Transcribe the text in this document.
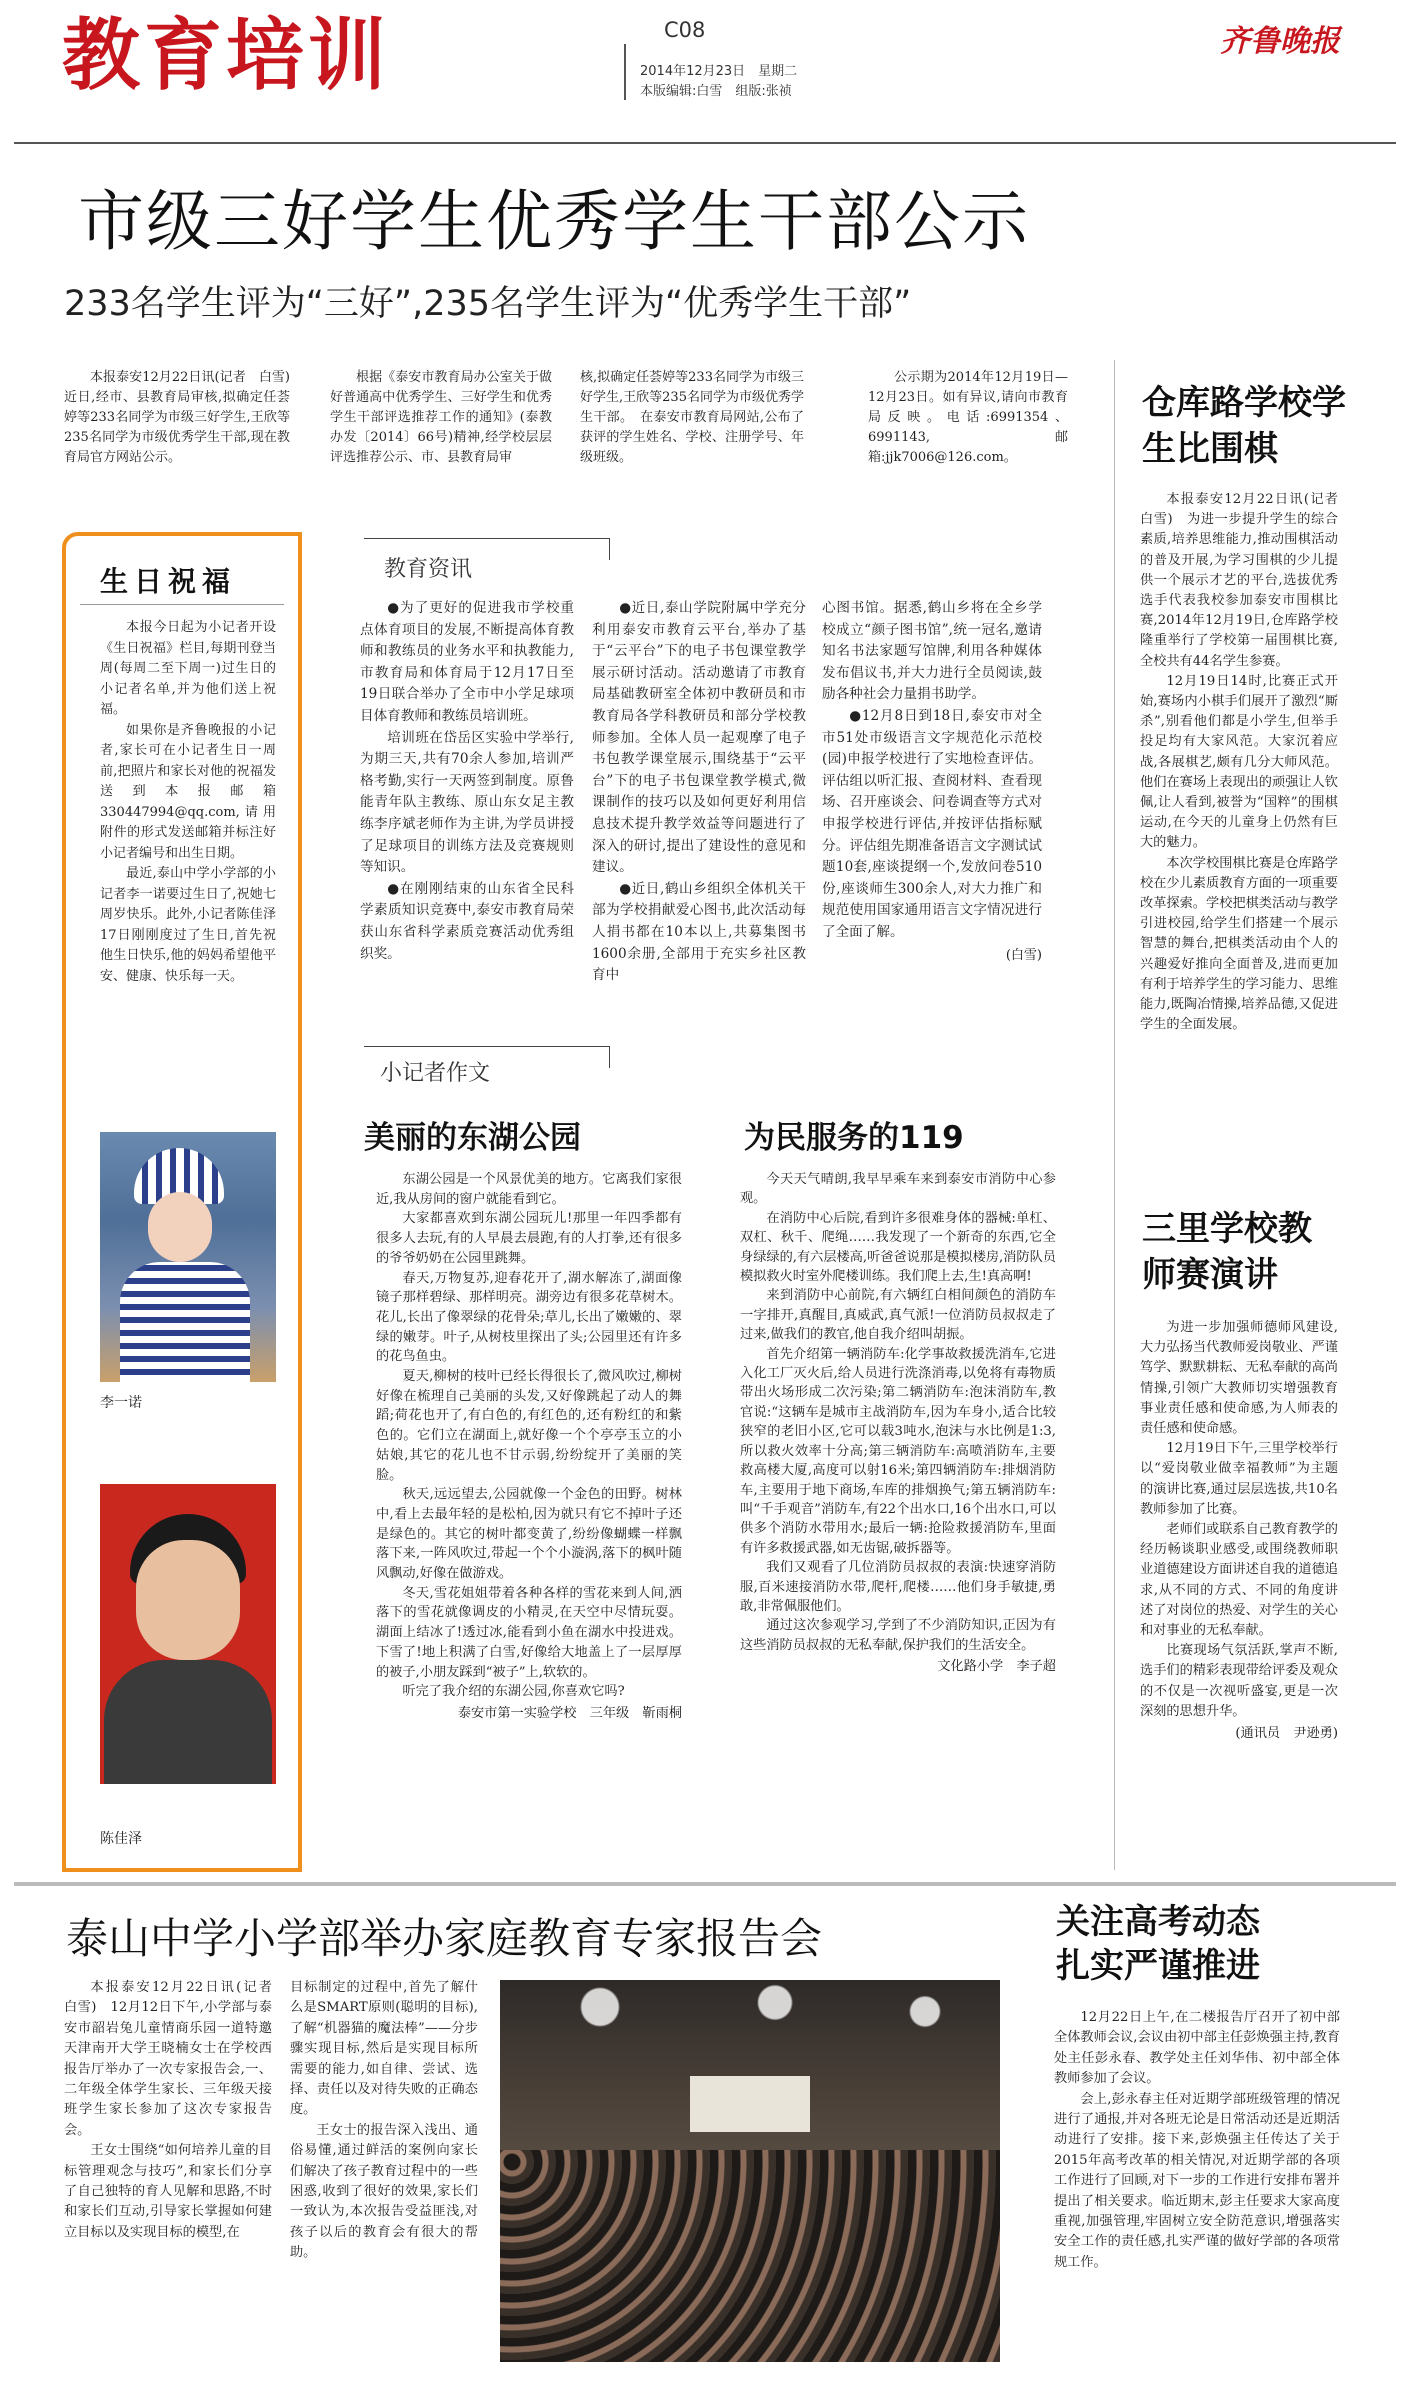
教育培训	C08
2014年12月23日　星期二
本版编辑:白雪　组版:张祯
齐鲁晚报
市级三好学生优秀学生干部公示
233名学生评为“三好”,235名学生评为“优秀学生干部”

本报泰安12月22日讯(记者　白雪)　近日,经市、县教育局审核,拟确定任荟婷等233名同学为市级三好学生,王欣等235名同学为市级优秀学生干部,现在教育局官方网站公示。

根据《泰安市教育局办公室关于做好普通高中优秀学生、三好学生和优秀学生干部评选推荐工作的通知》(泰教办发〔2014〕66号)精神,经学校层层评选推荐公示、市、县教育局审

核,拟确定任荟婷等233名同学为市级三好学生,王欣等235名同学为市级优秀学生干部。　在泰安市教育局网站,公布了获评的学生姓名、学校、注册学号、年级班级。

公示期为2014年12月19日—12月23日。如有异议,请向市教育局反映。电话:6991354、6991143,邮箱:jjk7006@126.com。

生日祝福

本报今日起为小记者开设《生日祝福》栏目,每期刊登当周(每周二至下周一)过生日的小记者名单,并为他们送上祝福。

如果你是齐鲁晚报的小记者,家长可在小记者生日一周前,把照片和家长对他的祝福发送到本报邮箱330447994@qq.com,请用附件的形式发送邮箱并标注好小记者编号和出生日期。

最近,泰山中学小学部的小记者李一诺要过生日了,祝她七周岁快乐。此外,小记者陈佳泽17日刚刚度过了生日,首先祝他生日快乐,他的妈妈希望他平安、健康、快乐每一天。

李一诺
陈佳泽
教育资讯

●为了更好的促进我市学校重点体育项目的发展,不断提高体育教师和教练员的业务水平和执教能力,市教育局和体育局于12月17日至19日联合举办了全市中小学足球项目体育教师和教练员培训班。

培训班在岱岳区实验中学举行,为期三天,共有70余人参加,培训严格考勤,实行一天两签到制度。原鲁能青年队主教练、原山东女足主教练李序斌老师作为主讲,为学员讲授了足球项目的训练方法及竞赛规则等知识。

●在刚刚结束的山东省全民科学素质知识竞赛中,泰安市教育局荣获山东省科学素质竞赛活动优秀组织奖。

●近日,泰山学院附属中学充分利用泰安市教育云平台,举办了基于“云平台”下的电子书包课堂教学展示研讨活动。活动邀请了市教育局基础教研室全体初中教研员和市教育局各学科教研员和部分学校教师参加。全体人员一起观摩了电子书包教学课堂展示,围绕基于“云平台”下的电子书包课堂教学模式,微课制作的技巧以及如何更好利用信息技术提升教学效益等问题进行了深入的研讨,提出了建设性的意见和建议。

●近日,鹤山乡组织全体机关干部为学校捐献爱心图书,此次活动每人捐书都在10本以上,共募集图书1600余册,全部用于充实乡社区教育中

心图书馆。据悉,鹤山乡将在全乡学校成立“颜子图书馆”,统一冠名,邀请知名书法家题写馆牌,利用各种媒体发布倡议书,并大力进行全员阅读,鼓励各种社会力量捐书助学。

●12月8日到18日,泰安市对全市51处市级语言文字规范化示范校(园)申报学校进行了实地检查评估。评估组以听汇报、查阅材料、查看现场、召开座谈会、问卷调查等方式对申报学校进行评估,并按评估指标赋分。评估组先期准备语言文字测试试题10套,座谈提纲一个,发放问卷510份,座谈师生300余人,对大力推广和规范使用国家通用语言文字情况进行了全面了解。

(白雪)

小记者作文
美丽的东湖公园

东湖公园是一个风景优美的地方。它离我们家很近,我从房间的窗户就能看到它。

大家都喜欢到东湖公园玩儿!那里一年四季都有很多人去玩,有的人早晨去晨跑,有的人打拳,还有很多的爷爷奶奶在公园里跳舞。

春天,万物复苏,迎春花开了,湖水解冻了,湖面像镜子那样碧绿、那样明亮。湖旁边有很多花草树木。花儿,长出了像翠绿的花骨朵;草儿,长出了嫩嫩的、翠绿的嫩芽。叶子,从树枝里探出了头;公园里还有许多的花鸟鱼虫。

夏天,柳树的枝叶已经长得很长了,微风吹过,柳树好像在梳理自己美丽的头发,又好像跳起了动人的舞蹈;荷花也开了,有白色的,有红色的,还有粉红的和紫色的。它们立在湖面上,就好像一个个亭亭玉立的小姑娘,其它的花儿也不甘示弱,纷纷绽开了美丽的笑脸。

秋天,远远望去,公园就像一个金色的田野。树林中,看上去最年轻的是松柏,因为就只有它不掉叶子还是绿色的。其它的树叶都变黄了,纷纷像蝴蝶一样飘落下来,一阵风吹过,带起一个个小漩涡,落下的枫叶随风飘动,好像在做游戏。

冬天,雪花姐姐带着各种各样的雪花来到人间,洒落下的雪花就像调皮的小精灵,在天空中尽情玩耍。湖面上结冰了!透过冰,能看到小鱼在湖水中投进戏。下雪了!地上积满了白雪,好像给大地盖上了一层厚厚的被子,小朋友踩到“被子”上,软软的。

听完了我介绍的东湖公园,你喜欢它吗?

泰安市第一实验学校　三年级　靳雨桐

为民服务的119

今天天气晴朗,我早早乘车来到泰安市消防中心参观。

在消防中心后院,看到许多很难身体的器械:单杠、双杠、秋千、爬绳……我发现了一个新奇的东西,它全身绿绿的,有六层楼高,听爸爸说那是模拟楼房,消防队员模拟救火时室外爬楼训练。我们爬上去,生!真高啊!

来到消防中心前院,有六辆红白相间颜色的消防车一字排开,真醒目,真威武,真气派!一位消防员叔叔走了过来,做我们的教官,他自我介绍叫胡振。

首先介绍第一辆消防车:化学事故救援洗消车,它进入化工厂灭火后,给人员进行洗涤消毒,以免将有毒物质带出火场形成二次污染;第二辆消防车:泡沫消防车,教官说:“这辆车是城市主战消防车,因为车身小,适合比较狭窄的老旧小区,它可以载3吨水,泡沫与水比例是1:3,所以救火效率十分高;第三辆消防车:高喷消防车,主要救高楼大厦,高度可以射16米;第四辆消防车:排烟消防车,主要用于地下商场,车库的排烟换气;第五辆消防车:叫“千手观音”消防车,有22个出水口,16个出水口,可以供多个消防水带用水;最后一辆:抢险救援消防车,里面有许多救援武器,如无齿锯,破拆器等。

我们又观看了几位消防员叔叔的表演:快速穿消防服,百米速接消防水带,爬杆,爬楼……他们身手敏捷,勇敢,非常佩服他们。

通过这次参观学习,学到了不少消防知识,正因为有这些消防员叔叔的无私奉献,保护我们的生活安全。

文化路小学　李子超

仓库路学校学生比围棋

本报泰安12月22日讯(记者　白雪)　为进一步提升学生的综合素质,培养思维能力,推动围棋活动的普及开展,为学习围棋的少儿提供一个展示才艺的平台,选拔优秀选手代表我校参加泰安市围棋比赛,2014年12月19日,仓库路学校隆重举行了学校第一届围棋比赛,全校共有44名学生参赛。

12月19日14时,比赛正式开始,赛场内小棋手们展开了激烈“厮杀”,别看他们都是小学生,但举手投足均有大家风范。大家沉着应战,各展棋艺,颇有几分大师风范。他们在赛场上表现出的顽强让人钦佩,让人看到,被誉为“国粹”的围棋运动,在今天的儿童身上仍然有巨大的魅力。

本次学校围棋比赛是仓库路学校在少儿素质教育方面的一项重要改革探索。学校把棋类活动与教学引进校园,给学生们搭建一个展示智慧的舞台,把棋类活动由个人的兴趣爱好推向全面普及,进而更加有利于培养学生的学习能力、思维能力,既陶冶情操,培养品德,又促进学生的全面发展。

三里学校教师赛演讲

为进一步加强师德师风建设,大力弘扬当代教师爱岗敬业、严谨笃学、默默耕耘、无私奉献的高尚情操,引领广大教师切实增强教育事业责任感和使命感,为人师表的责任感和使命感。

12月19日下午,三里学校举行以“爱岗敬业做幸福教师”为主题的演讲比赛,通过层层选拔,共10名教师参加了比赛。

老师们或联系自己教育教学的经历畅谈职业感受,或围绕教师职业道德建设方面讲述自我的道德追求,从不同的方式、不同的角度讲述了对岗位的热爱、对学生的关心和对事业的无私奉献。

比赛现场气氛活跃,掌声不断,选手们的精彩表现带给评委及观众的不仅是一次视听盛宴,更是一次深刻的思想升华。

(通讯员　尹逊勇)

泰山中学小学部举办家庭教育专家报告会

本报泰安12月22日讯(记者　白雪)　12月12日下午,小学部与泰安市韶岩兔儿童情商乐园一道特邀天津南开大学王晓楠女士在学校西报告厅举办了一次专家报告会,一、二年级全体学生家长、三年级天接班学生家长参加了这次专家报告会。

王女士围绕“如何培养儿童的目标管理观念与技巧”,和家长们分享了自己独特的育人见解和思路,不时和家长们互动,引导家长掌握如何建立目标以及实现目标的模型,在

目标制定的过程中,首先了解什么是SMART原则(聪明的目标),了解“机器猫的魔法棒”——分步骤实现目标,然后是实现目标所需要的能力,如自律、尝试、选择、责任以及对待失败的正确态度。

王女士的报告深入浅出、通俗易懂,通过鲜活的案例向家长们解决了孩子教育过程中的一些困惑,收到了很好的效果,家长们一致认为,本次报告受益匪浅,对孩子以后的教育会有很大的帮助。

关注高考动态扎实严谨推进

12月22日上午,在二楼报告厅召开了初中部全体教师会议,会议由初中部主任彭焕强主持,教育处主任彭永春、教学处主任刘华伟、初中部全体教师参加了会议。

会上,彭永春主任对近期学部班级管理的情况进行了通报,并对各班无论是日常活动还是近期活动进行了安排。接下来,彭焕强主任传达了关于2015年高考改革的相关情况,对近期学部的各项工作进行了回顾,对下一步的工作进行安排布署并提出了相关要求。临近期末,彭主任要求大家高度重视,加强管理,牢固树立安全防范意识,增强落实安全工作的责任感,扎实严谨的做好学部的各项常规工作。
